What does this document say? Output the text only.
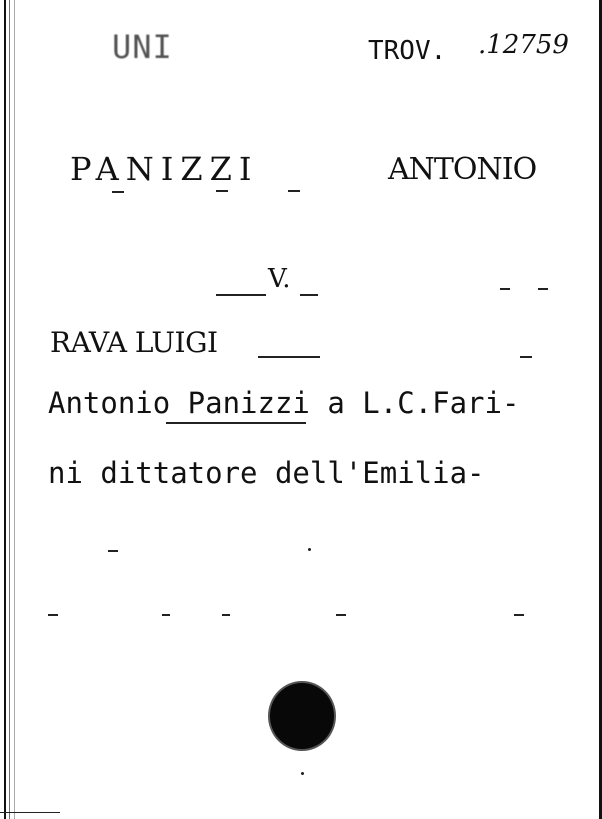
UNI	TROV. .12759
PANIZZI	ANTONIO
V.
RAVA LUIGI
Antonio Panizzi a L.C.Fari-
ni dittatore dell'Emilia-
